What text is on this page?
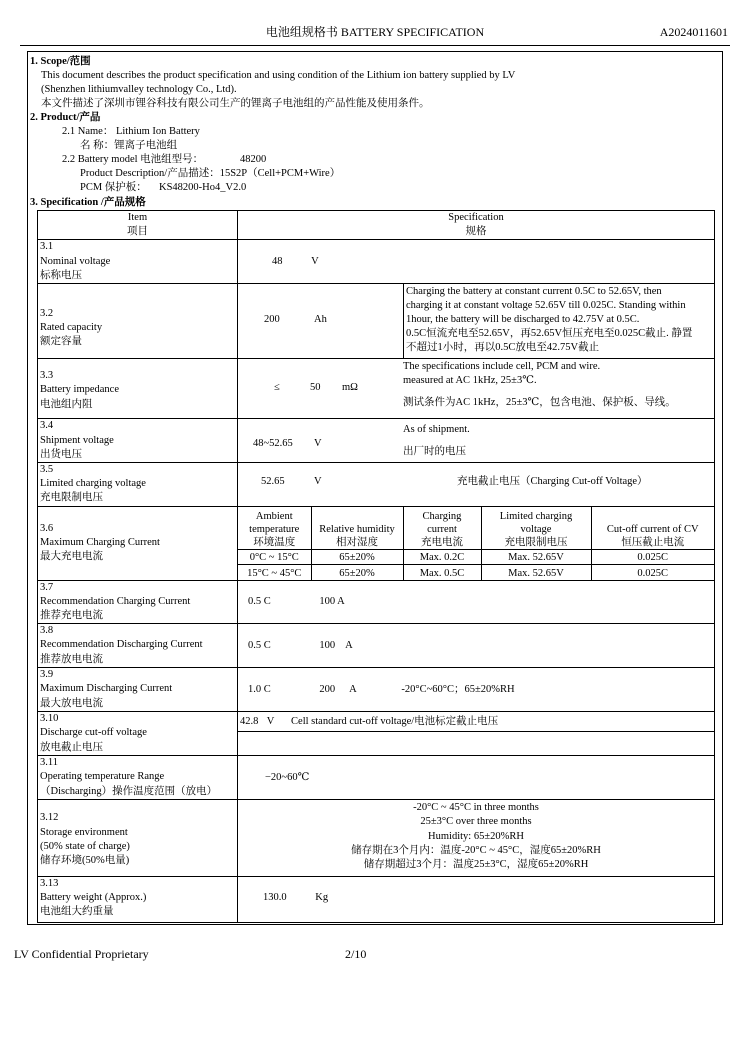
电池组规格书 BATTERY SPECIFICATION	A2024011601
1. Scope/范围
This document describes the product specification and using condition of the Lithium ion battery supplied by LV
(Shenzhen lithiumvalley technology Co., Ltd).
本文件描述了深圳市锂谷科技有限公司生产的锂离子电池组的产品性能及使用条件。
2. Product/产品
2.1 Name： Lithium Ion Battery
名 称：锂离子电池组
2.2 Battery model 电池组型号：	48200
Product Description/产品描述：15S2P（Cell+PCM+Wire）
PCM 保护板： KS48200-Ho4_V2.0
3. Specification /产品规格
Item
项目

Specification
规格

3.1
Nominal voltage
标称电压
	48	V

3.2
Rated capacity
额定容量

200	Ah
Charging the battery at constant current 0.5C to 52.65V, then
charging it at constant voltage 52.65V till 0.025C. Standing within
1hour, the battery will be discharged to 42.75V at 0.5C.
0.5C恒流充电至52.65V，再52.65V恒压充电至0.025C截止. 静置
不超过1小时，再以0.5C放电至42.75V截止

3.3
Battery impedance
电池组内阻

≤	50 mΩ
The specifications include cell, PCM and wire.
measured at AC 1kHz, 25±3℃.
测试条件为AC 1kHz，25±3℃，包含电池、保护板、导线。

3.4
Shipment voltage
出货电压

48~52.65 V
As of shipment.
出厂时的电压

3.5
Limited charging voltage
充电限制电压

52.65	V	充电截止电压（Charging Cut-off Voltage）

3.6
Maximum Charging Current
最大充电电流

Ambient
temperature
环境温度

Relative humidity
相对湿度

Charging
current
充电电流

Limited charging voltage
充电限制电压

Cut-off current of CV
恒压截止电流

0°C ~ 15°C	65±20%	Max. 0.2C	Max. 52.65V	0.025C
15°C ~ 45°C	65±20%	Max. 0.5C	Max. 52.65V	0.025C

3.7
Recommendation Charging Current
推荐充电电流
	0.5 C	100 A

3.8
Recommendation Discharging Current
推荐放电电流
	0.5 C	100 A

3.9
Maximum Discharging Current
最大放电电流
	1.0 C	200 A	-20°C~60°C；65±20%RH

3.10
Discharge cut-off voltage
放电截止电压

42.8 V Cell standard cut-off voltage/电池标定截止电压

3.11
Operating temperature Range
（Discharging）操作温度范围（放电）
	−20~60℃

3.12
Storage environment
(50% state of charge)
储存环境(50%电量)

-20°C ~ 45°C in three months
25±3°C over three months
Humidity: 65±20%RH
储存期在3个月内：温度-20°C ~ 45°C，湿度65±20%RH
储存期超过3个月：温度25±3°C，湿度65±20%RH

3.13
Battery weight (Approx.)
电池组大约重量
	130.0	Kg
LV Confidential Proprietary	2/10
